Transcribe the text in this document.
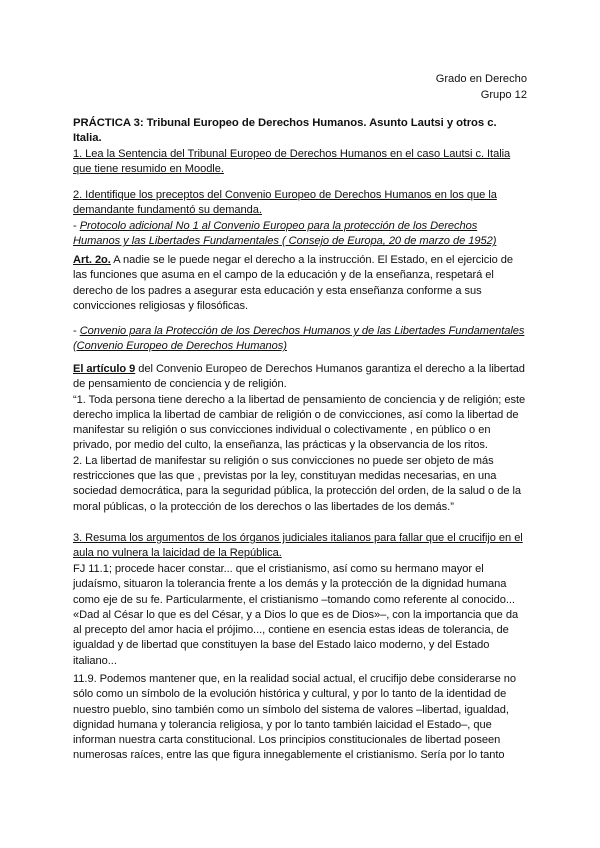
Grado en Derecho
Grupo 12
PRÁCTICA 3: Tribunal Europeo de Derechos Humanos. Asunto Lautsi y otros c. Italia.
1. Lea la Sentencia del Tribunal Europeo de Derechos Humanos en el caso Lautsi c. Italia que tiene resumido en Moodle.
2. Identifique los preceptos del Convenio Europeo de Derechos Humanos en los que la demandante fundamentó su demanda.
- Protocolo adicional No 1 al Convenio Europeo para la protección de los Derechos Humanos y las Libertades Fundamentales ( Consejo de Europa, 20 de marzo de 1952)
Art. 2o. A nadie se le puede negar el derecho a la instrucción. El Estado, en el ejercicio de las funciones que asuma en el campo de la educación y de la enseñanza, respetará el derecho de los padres a asegurar esta educación y esta enseñanza conforme a sus convicciones religiosas y filosóficas.
- Convenio para la Protección de los Derechos Humanos y de las Libertades Fundamentales (Convenio Europeo de Derechos Humanos)
El artículo 9 del Convenio Europeo de Derechos Humanos garantiza el derecho a la libertad de pensamiento de conciencia y de religión.
“1. Toda persona tiene derecho a la libertad de pensamiento de conciencia y de religión; este derecho implica la libertad de cambiar de religión o de convicciones, así como la libertad de manifestar su religión o sus convicciones individual o colectivamente , en público o en privado, por medio del culto, la enseñanza, las prácticas y la observancia de los ritos.
2. La libertad de manifestar su religión o sus convicciones no puede ser objeto de más restricciones que las que , previstas por la ley, constituyan medidas necesarias, en una sociedad democrática, para la seguridad pública, la protección del orden, de la salud o de la moral públicas, o la protección de los derechos o las libertades de los demás.”
3. Resuma los argumentos de los órganos judiciales italianos para fallar que el crucifijo en el aula no vulnera la laicidad de la República.
FJ 11.1; procede hacer constar... que el cristianismo, así como su hermano mayor el judaísmo, situaron la tolerancia frente a los demás y la protección de la dignidad humana como eje de su fe. Particularmente, el cristianismo –tomando como referente al conocido... «Dad al César lo que es del César, y a Dios lo que es de Dios»–, con la importancia que da al precepto del amor hacia el prójimo..., contiene en esencia estas ideas de tolerancia, de igualdad y de libertad que constituyen la base del Estado laico moderno, y del Estado italiano...
11.9. Podemos mantener que, en la realidad social actual, el crucifijo debe considerarse no sólo como un símbolo de la evolución histórica y cultural, y por lo tanto de la identidad de nuestro pueblo, sino también como un símbolo del sistema de valores –libertad, igualdad, dignidad humana y tolerancia religiosa, y por lo tanto también laicidad el Estado–, que informan nuestra carta constitucional. Los principios constitucionales de libertad poseen numerosas raíces, entre las que figura innegablemente el cristianismo. Sería por lo tanto
